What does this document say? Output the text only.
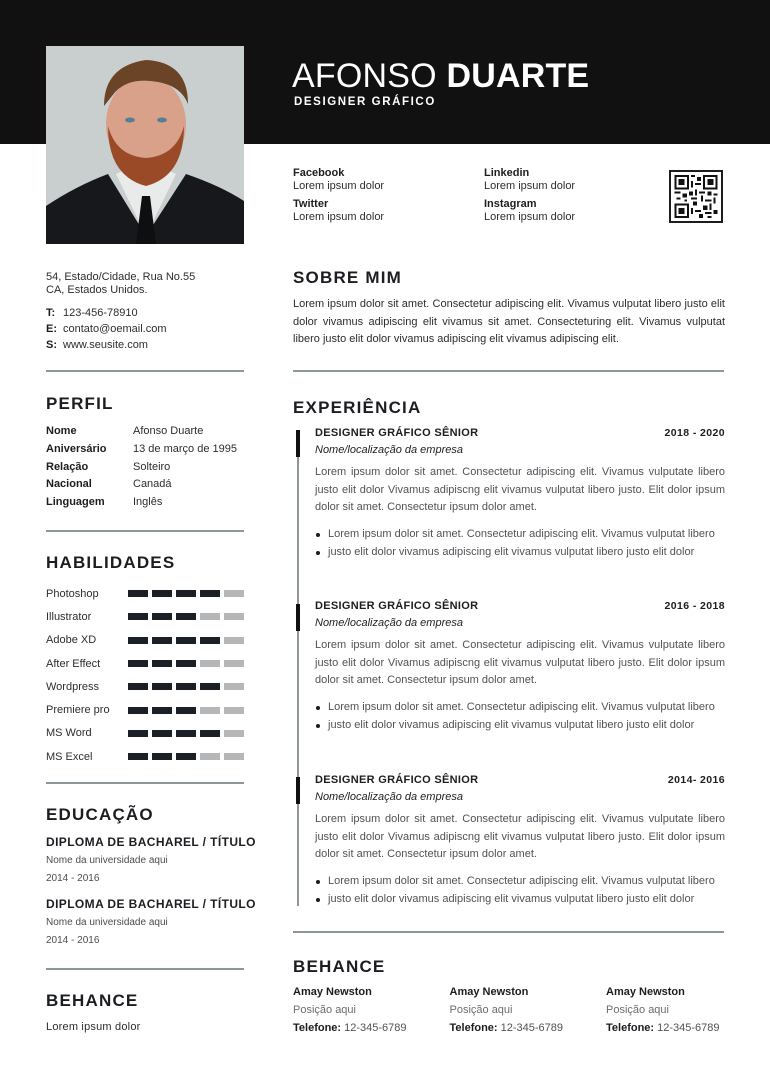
AFONSO DUARTE
DESIGNER GRÁFICO
Facebook
Lorem ipsum dolor
Twitter
Lorem ipsum dolor
Linkedin
Lorem ipsum dolor
Instagram
Lorem ipsum dolor
54, Estado/Cidade, Rua No.55
CA, Estados Unidos.
T: 123-456-78910
E: contato@oemail.com
S: www.seusite.com
PERFIL
Nome	Afonso Duarte
Aniversário 13 de março de 1995
Relação	Solteiro
Nacional	Canadá
Linguagem	Inglês
HABILIDADES
Photoshop
Illustrator
Adobe XD
After Effect
Wordpress
Premiere pro
MS Word
MS Excel
EDUCAÇÃO
DIPLOMA DE BACHAREL / TÍTULO
Nome da universidade aqui
2014 - 2016
DIPLOMA DE BACHAREL / TÍTULO
Nome da universidade aqui
2014 - 2016
BEHANCE
Lorem ipsum dolor
SOBRE MIM
Lorem ipsum dolor sit amet. Consectetur adipiscing elit. Vivamus vulputat libero justo elit dolor vivamus adipiscing elit vivamus sit amet. Consecteturing elit. Vivamus vulputat libero justo elit dolor vivamus adipiscing elit vivamus adipiscing elit.
EXPERIÊNCIA
DESIGNER GRÁFICO SÊNIOR	2018 - 2020
Nome/localização da empresa
Lorem ipsum dolor sit amet. Consectetur adipiscing elit. Vivamus vulputate libero justo elit dolor Vivamus adipiscng elit vivamus vulputat libero justo. Elit dolor ipsum dolor sit amet. Consectetur ipsum dolor amet.
Lorem ipsum dolor sit amet. Consectetur adipiscing elit. Vivamus vulputat libero
justo elit dolor vivamus adipiscing elit vivamus vulputat libero justo elit dolor
DESIGNER GRÁFICO SÊNIOR	2016 - 2018
Nome/localização da empresa
Lorem ipsum dolor sit amet. Consectetur adipiscing elit. Vivamus vulputate libero justo elit dolor Vivamus adipiscng elit vivamus vulputat libero justo. Elit dolor ipsum dolor sit amet. Consectetur ipsum dolor amet.
Lorem ipsum dolor sit amet. Consectetur adipiscing elit. Vivamus vulputat libero
justo elit dolor vivamus adipiscing elit vivamus vulputat libero justo elit dolor
DESIGNER GRÁFICO SÊNIOR	2014- 2016
Nome/localização da empresa
Lorem ipsum dolor sit amet. Consectetur adipiscing elit. Vivamus vulputate libero justo elit dolor Vivamus adipiscng elit vivamus vulputat libero justo. Elit dolor ipsum dolor sit amet. Consectetur ipsum dolor amet.
Lorem ipsum dolor sit amet. Consectetur adipiscing elit. Vivamus vulputat libero
justo elit dolor vivamus adipiscing elit vivamus vulputat libero justo elit dolor
BEHANCE
Amay Newston
Posição aqui
Telefone: 12-345-6789
Amay Newston
Posição aqui
Telefone: 12-345-6789
Amay Newston
Posição aqui
Telefone: 12-345-6789
